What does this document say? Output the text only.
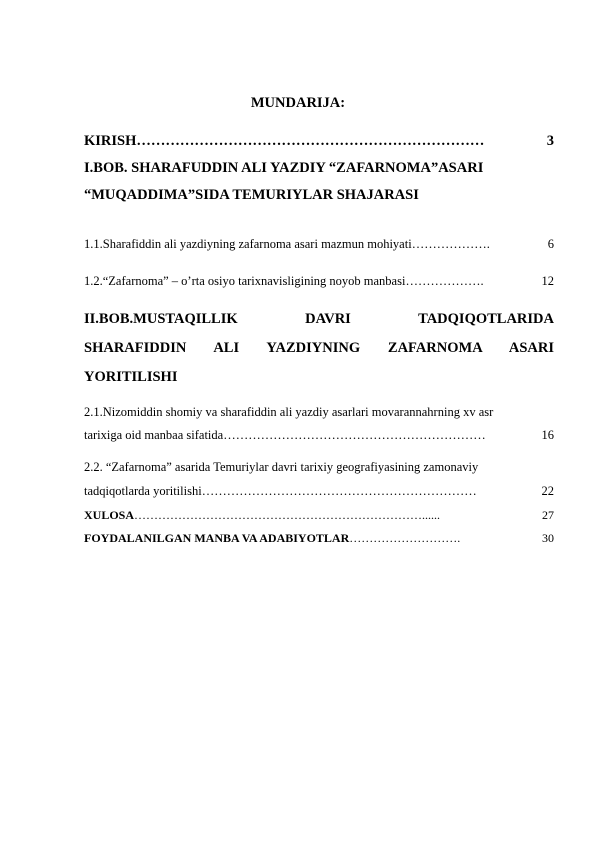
MUNDARIJA:
KIRISH ………………………………………………………………	3
I.BOB. SHARAFUDDIN ALI YAZDIY “ZAFARNOMA”ASARI
“MUQADDIMA”SIDA TEMURIYLAR SHAJARASI
1.1.Sharafiddin ali yazdiyning zafarnoma asari mazmun mohiyati ……………….	6
1.2.“Zafarnoma” – o’rta osiyo tarixnavisligining noyob manbasi ……………….	12
II.BOB.MUSTAQILLIK DAVRI TADQIQOTLARIDA
SHARAFIDDIN ALI YAZDIYNING ZAFARNOMA ASARI
YORITILISHI
2.1.Nizomiddin shomiy va sharafiddin ali yazdiy asarlari movarannahrning xv asr
tarixiga oid manbaa sifatida ………………………………………………………	16
2.2. “Zafarnoma” asarida Temuriylar davri tarixiy geografiyasining zamonaviy
tadqiqotlarda yoritilishi …………………………………………………………	22
XULOSA ………………………………………………………………......	27
FOYDALANILGAN MANBA VA ADABIYOTLAR ……………………….	30
